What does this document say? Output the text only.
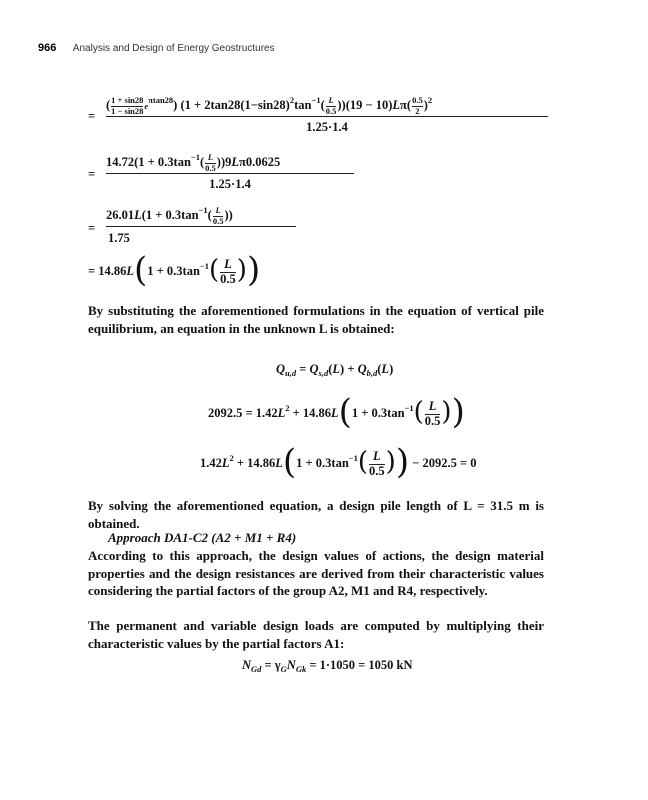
966 Analysis and Design of Energy Geostructures
=
( $\frac{1 + \sin 28}{1 - \sin 28} e^{\pi tan28}$) $(1 + 2\tan 28(1-\sin 28)^2\tan^{-1}( \frac{L}{0.5} ))(19 - 10)L\pi( \frac{0.5}{2} )^2$
1.25·1.4
=
$14.72(1 + 0.3\tan^{-1}( \frac{L}{0.5} ))9L\pi 0.0625$
1.25·1.4
=
$26.01L(1 + 0.3\tan^{-1}( \frac{L}{0.5}$ ))
1.75
= $14.86L(1 + 0.3\tan^{-1}( \frac{L}{0.5}$ ))
By substituting the aforementioned formulations in the equation of vertical pile equilibrium, an equation in the unknown L is obtained:
$Q_{u,d} = Q_{s,d}(L) + Q_{b,d}(L)$
$2092.5 = 1.42L^2 + 14.86L(1 + 0.3\tan^{-1}( \frac{L}{0.5}$ ))
$1.42L^2 + 14.86L(1 + 0.3\tan^{-1}( \frac{L}{0.5}$ )) − 2092.5 = 0
By solving the aforementioned equation, a design pile length of L = 31.5 m is obtained.
Approach DA1-C2 (A2 + M1 + R4)
According to this approach, the design values of actions, the design material properties and the design resistances are derived from their characteristic values considering the partial factors of the group A2, M1 and R4, respectively.
The permanent and variable design loads are computed by multiplying their characteristic values by the partial factors A1:
$N_{Gd} = \gamma_GN_{Gk} = 1\cdot 1050 = 1050$ kN
